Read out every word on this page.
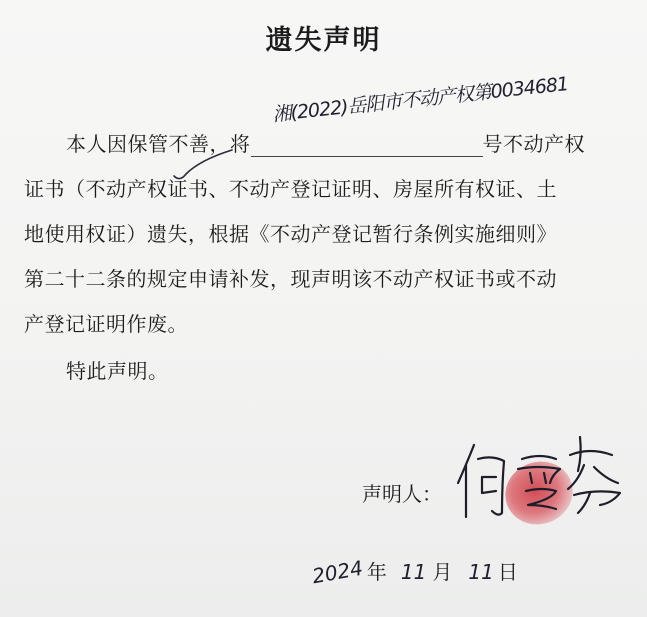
遗失声明
本人因保管不善，将	号不动产权
湘(2022)岳阳市不动产权第0034681
证书（不动产权证书、不动产登记证明、房屋所有权证、土
地使用权证）遗失，根据《不动产登记暂行条例实施细则》
第二十二条的规定申请补发，现声明该不动产权证书或不动
产登记证明作废。
特此声明。
声明人：
2024 年 11 月 11 日
